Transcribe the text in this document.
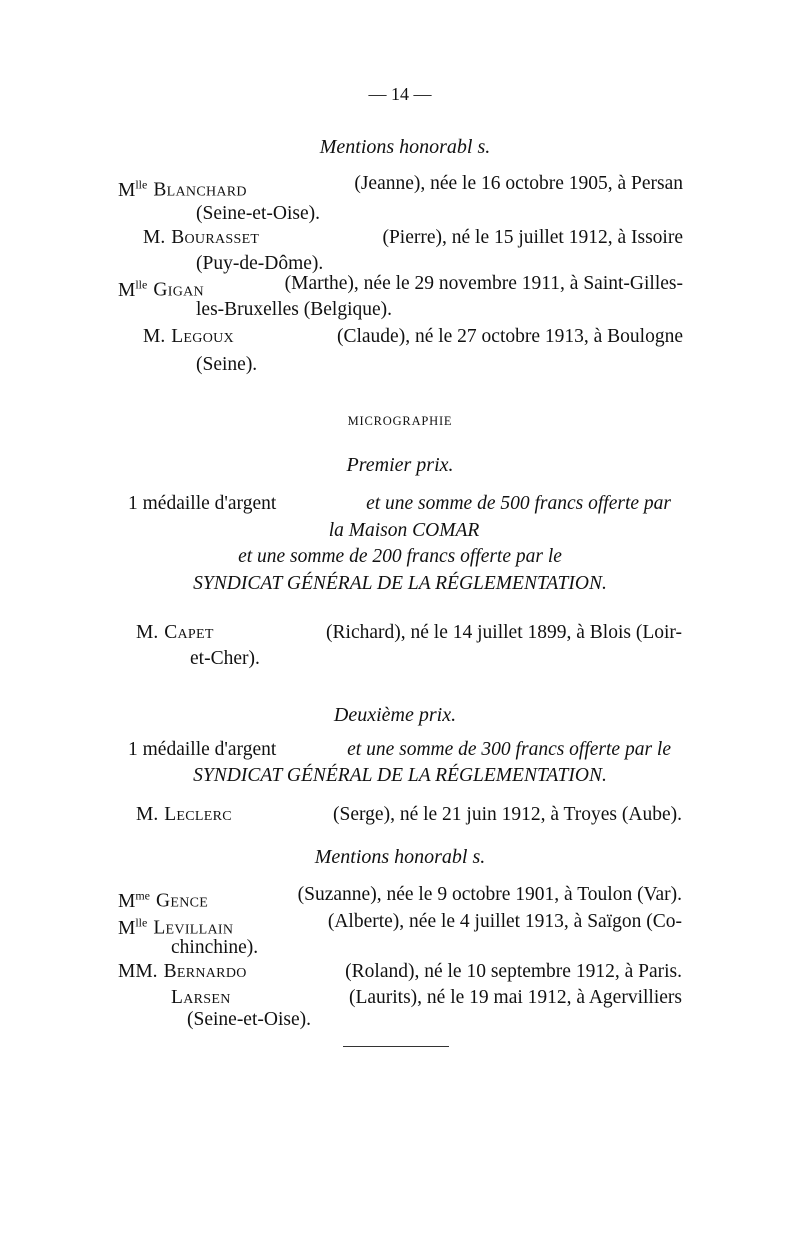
— 14 —
Mentions honorabl s.
$M^{lle}$ Blanchard	(Jeanne), née le 16 octobre 1905, à Persan
(Seine-et-Oise).
M. Bourasset	(Pierre), né le 15 juillet 1912, à Issoire
(Puy-de-Dôme).
$M^{lle}$ Gigan	(Marthe), née le 29 novembre 1911, à Saint-Gilles-
les-Bruxelles (Belgique).
M. Legoux	(Claude), né le 27 octobre 1913, à Boulogne
(Seine).
MICROGRAPHIE
Premier prix.
1 médaille d'argent	et une somme de 500 francs offerte par
la Maison COMAR
et une somme de 200 francs offerte par le
SYNDICAT GÉNÉRAL DE LA RÉGLEMENTATION.
M. Capet	(Richard), né le 14 juillet 1899, à Blois (Loir-
et-Cher).
Deuxième prix.
1 médaille d'argent	et une somme de 300 francs offerte par le
SYNDICAT GÉNÉRAL DE LA RÉGLEMENTATION.
M. Leclerc	(Serge), né le 21 juin 1912, à Troyes (Aube).
Mentions honorabl s.
$M^{me}$ Gence	(Suzanne), née le 9 octobre 1901, à Toulon (Var).
$M^{lle}$ Levillain	(Alberte), née le 4 juillet 1913, à Saïgon (Co-
chinchine).
MM. Bernardo	(Roland), né le 10 septembre 1912, à Paris.
Larsen	(Laurits), né le 19 mai 1912, à Agervilliers
(Seine-et-Oise).
